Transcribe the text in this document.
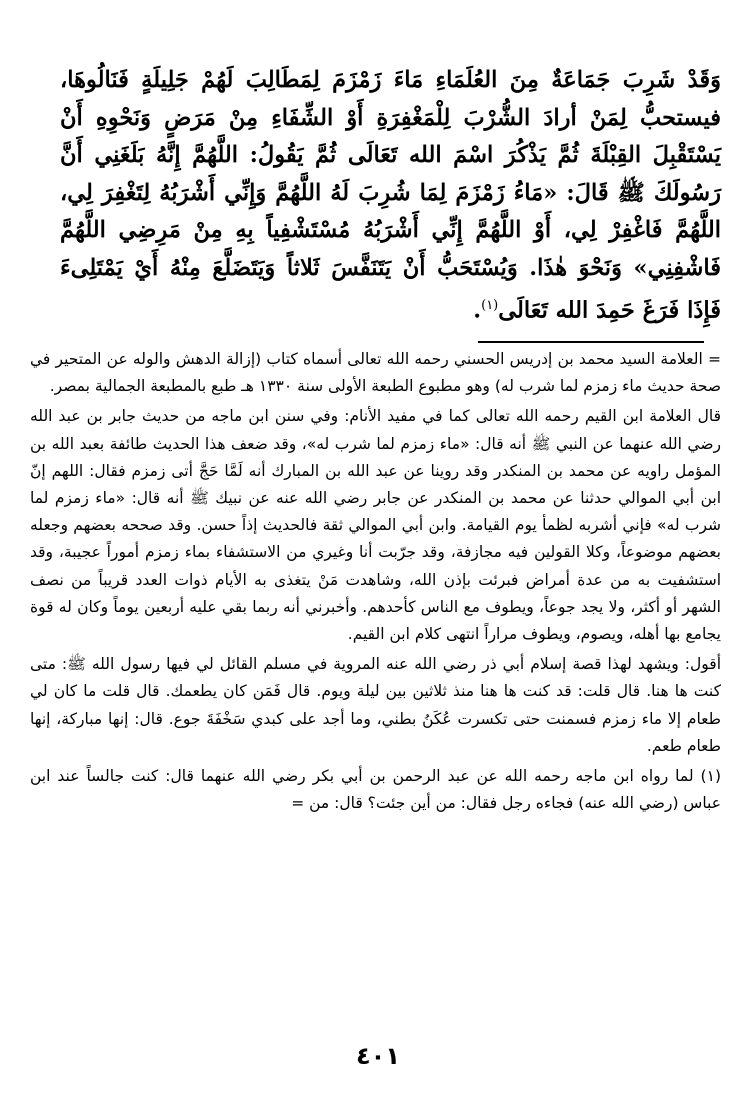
وَقَدْ شَرِبَ جَمَاعَةٌ مِنَ العُلَمَاءِ مَاءَ زَمْزَمَ لِمَطَالِبَ لَهُمْ جَلِيلَةٍ فَنَالُوهَا، فيستحبُّ لِمَنْ أرادَ الشُّرْبَ لِلْمَغْفِرَةِ أَوْ الشِّفَاءِ مِنْ مَرَضٍ وَنَحْوِهِ أَنْ يَسْتَقْبِلَ القِبْلَةَ ثُمَّ يَذْكُرَ اسْمَ الله تَعَالَى ثُمَّ يَقُولُ: اللَّهُمَّ إِنَّهُ بَلَغَنِي أَنَّ رَسُولَكَ ﷺ قَالَ: «مَاءُ زَمْزَمَ لِمَا شُرِبَ لَهُ اللَّهُمَّ وَإِنِّي أَشْرَبُهُ لِتَغْفِرَ لِي، اللَّهُمَّ فَاغْفِرْ لِي، أَوْ اللَّهُمَّ إِنِّي أَشْرَبُهُ مُسْتَشْفِياً بِهِ مِنْ مَرِضِي اللَّهُمَّ فَاشْفِنِي» وَنَحْوَ هٰذَا. وَيُسْتَحَبُّ أَنْ يَتَنَفَّسَ ثَلاثاً وَيَتَضَلَّعَ مِنْهُ أَيْ يَمْتَلِىءَ فَإِذَا فَرَغَ حَمِدَ الله تَعَالَى$^{(١)}$.

= العلامة السيد محمد بن إدريس الحسني رحمه الله تعالى أسماه كتاب (إزالة الدهش والوله عن المتحير في صحة حديث ماء زمزم لما شرب له) وهو مطبوع الطبعة الأولى سنة ١٣٣٠ هـ طبع بالمطبعة الجمالية بمصر.

قال العلامة ابن القيم رحمه الله تعالى كما في مفيد الأنام: وفي سنن ابن ماجه من حديث جابر بن عبد الله رضي الله عنهما عن النبي ﷺ أنه قال: «ماء زمزم لما شرب له»، وقد ضعف هذا الحديث طائفة بعبد الله بن المؤمل راويه عن محمد بن المنكدر وقد روينا عن عبد الله بن المبارك أنه لَمَّا حَجَّ أتى زمزم فقال: اللهم إنّ ابن أبي الموالي حدثنا عن محمد بن المنكدر عن جابر رضي الله عنه عن نبيك ﷺ أنه قال: «ماء زمزم لما شرب له» فإني أشربه لظمأ يوم القيامة. وابن أبي الموالي ثقة فالحديث إذاً حسن. وقد صححه بعضهم وجعله بعضهم موضوعاً، وكلا القولين فيه مجازفة، وقد جرّبت أنا وغيري من الاستشفاء بماء زمزم أموراً عجيبة، وقد استشفيت به من عدة أمراض فبرئت بإذن الله، وشاهدت مَنْ يتغذى به الأيام ذوات العدد قريباً من نصف الشهر أو أكثر، ولا يجد جوعاً، ويطوف مع الناس كأحدهم. وأخبرني أنه ربما بقي عليه أربعين يوماً وكان له قوة يجامع بها أهله، ويصوم، ويطوف مراراً انتهى كلام ابن القيم.

أقول: ويشهد لهذا قصة إسلام أبي ذر رضي الله عنه المروية في مسلم القائل لي فيها رسول الله ﷺ: متى كنت ها هنا. قال قلت: قد كنت ها هنا منذ ثلاثين بين ليلة ويوم. قال فَمَن كان يطعمك. قال قلت ما كان لي طعام إلا ماء زمزم فسمنت حتى تكسرت عُكَنُ بطني، وما أجد على كبدي سَخْفَةَ جوع. قال: إنها مباركة، إنها طعام طعم.

(١) لما رواه ابن ماجه رحمه الله عن عبد الرحمن بن أبي بكر رضي الله عنهما قال: كنت جالساً عند ابن عباس (رضي الله عنه) فجاءه رجل فقال: من أين جئت؟ قال: من =

٤٠١
